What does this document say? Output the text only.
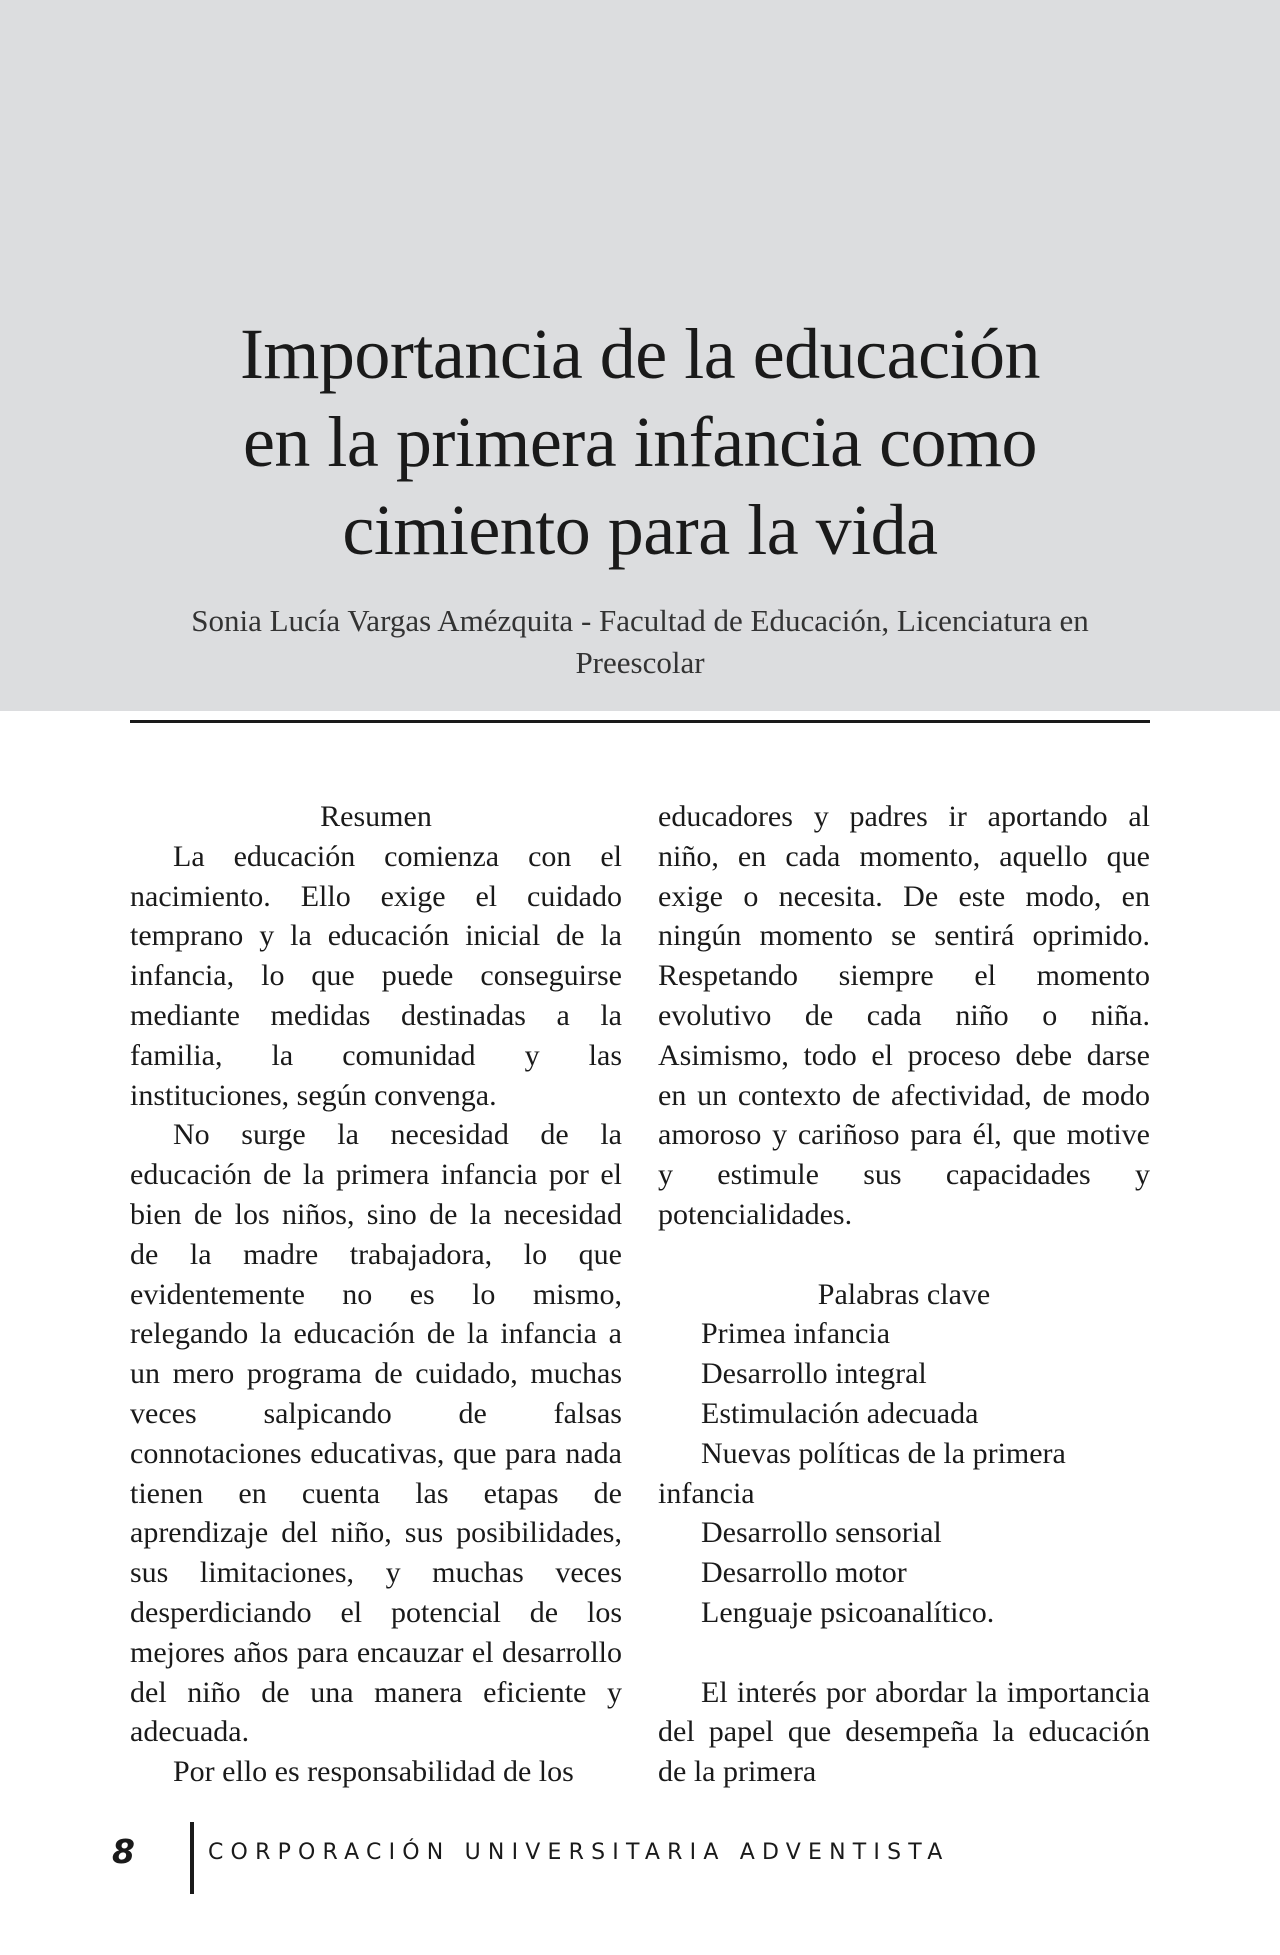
Importancia de la educación
en la primera infancia como
cimiento para la vida
Sonia Lucía Vargas Amézquita - Facultad de Educación, Licenciatura en Preescolar

Resumen

La educación comienza con el nacimiento. Ello exige el cuidado temprano y la educación inicial de la infancia, lo que puede conseguirse mediante medidas destinadas a la familia, la comunidad y las instituciones, según convenga.

No surge la necesidad de la educación de la primera infancia por el bien de los niños, sino de la necesidad de la madre trabajadora, lo que evidentemente no es lo mismo, relegando la educación de la infancia a un mero programa de cuidado, muchas veces salpicando de falsas connotaciones educativas, que para nada tienen en cuenta las etapas de aprendizaje del niño, sus posibilidades, sus limitaciones, y muchas veces desperdiciando el potencial de los mejores años para encauzar el desarrollo del niño de una manera eficiente y adecuada.

Por ello es responsabilidad de los

educadores y padres ir aportando al niño, en cada momento, aquello que exige o necesita. De este modo, en ningún momento se sentirá oprimido. Respetando siempre el momento evolutivo de cada niño o niña. Asimismo, todo el proceso debe darse en un contexto de afectividad, de modo amoroso y cariñoso para él, que motive y estimule sus capacidades y potencialidades.

Palabras clave

Primea infancia

Desarrollo integral

Estimulación adecuada

Nuevas políticas de la primera infancia

Desarrollo sensorial

Desarrollo motor

Lenguaje psicoanalítico.

El interés por abordar la importancia del papel que desempeña la educación de la primera

8	CORPORACIÓN UNIVERSITARIA ADVENTISTA
